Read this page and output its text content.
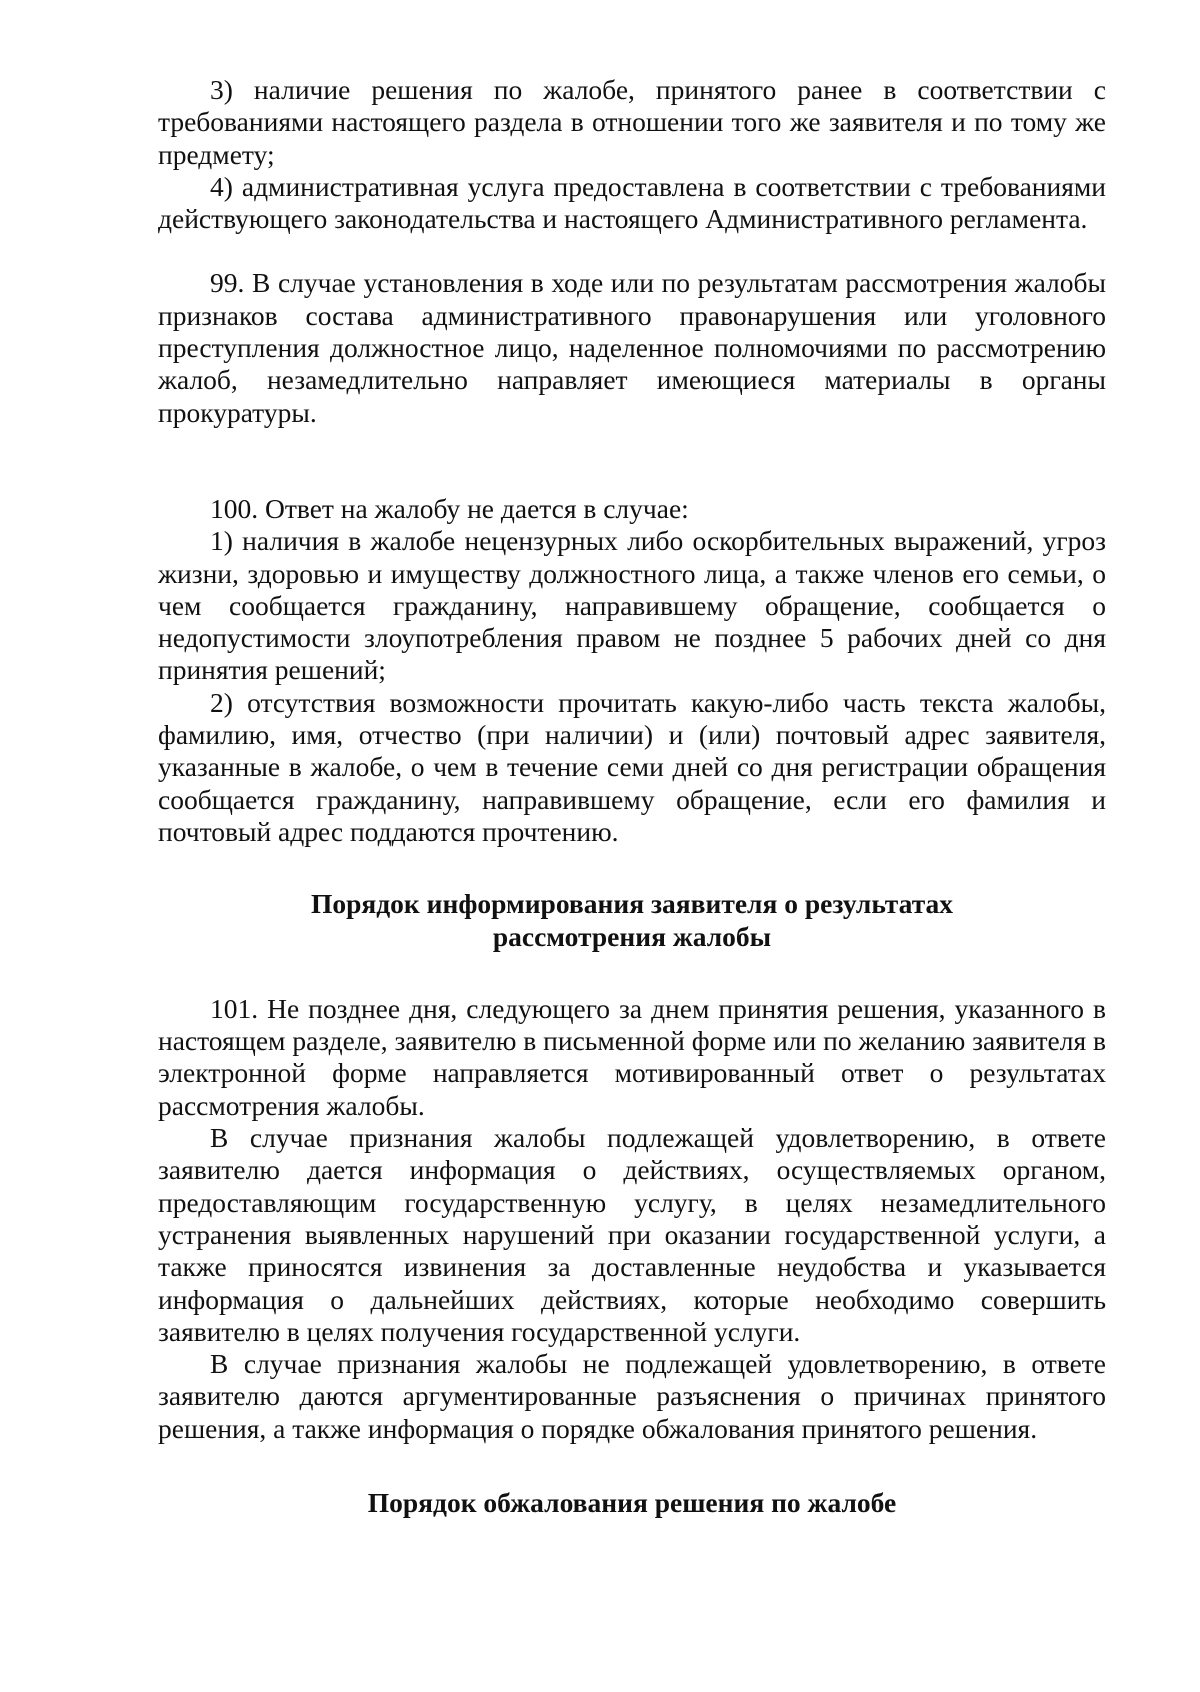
3) наличие решения по жалобе, принятого ранее в соответствии с требованиями настоящего раздела в отношении того же заявителя и по тому же предмету;

4) административная услуга предоставлена в соответствии с требованиями действующего законодательства и настоящего Административного регламента.

99. В случае установления в ходе или по результатам рассмотрения жалобы признаков состава административного правонарушения или уголовного преступления должностное лицо, наделенное полномочиями по рассмотрению жалоб, незамедлительно направляет имеющиеся материалы в органы прокуратуры.

100. Ответ на жалобу не дается в случае:

1) наличия в жалобе нецензурных либо оскорбительных выражений, угроз жизни, здоровью и имуществу должностного лица, а также членов его семьи, о чем сообщается гражданину, направившему обращение, сообщается о недопустимости злоупотребления правом не позднее 5 рабочих дней со дня принятия решений;

2) отсутствия возможности прочитать какую-либо часть текста жалобы, фамилию, имя, отчество (при наличии) и (или) почтовый адрес заявителя, указанные в жалобе, о чем в течение семи дней со дня регистрации обращения сообщается гражданину, направившему обращение, если его фамилия и почтовый адрес поддаются прочтению.

Порядок информирования заявителя о результатах

рассмотрения жалобы

101. Не позднее дня, следующего за днем принятия решения, указанного в настоящем разделе, заявителю в письменной форме или по желанию заявителя в электронной форме направляется мотивированный ответ о результатах рассмотрения жалобы.

В случае признания жалобы подлежащей удовлетворению, в ответе заявителю дается информация о действиях, осуществляемых органом, предоставляющим государственную услугу, в целях незамедлительного устранения выявленных нарушений при оказании государственной услуги, а также приносятся извинения за доставленные неудобства и указывается информация о дальнейших действиях, которые необходимо совершить заявителю в целях получения государственной услуги.

В случае признания жалобы не подлежащей удовлетворению, в ответе заявителю даются аргументированные разъяснения о причинах принятого решения, а также информация о порядке обжалования принятого решения.

Порядок обжалования решения по жалобе
